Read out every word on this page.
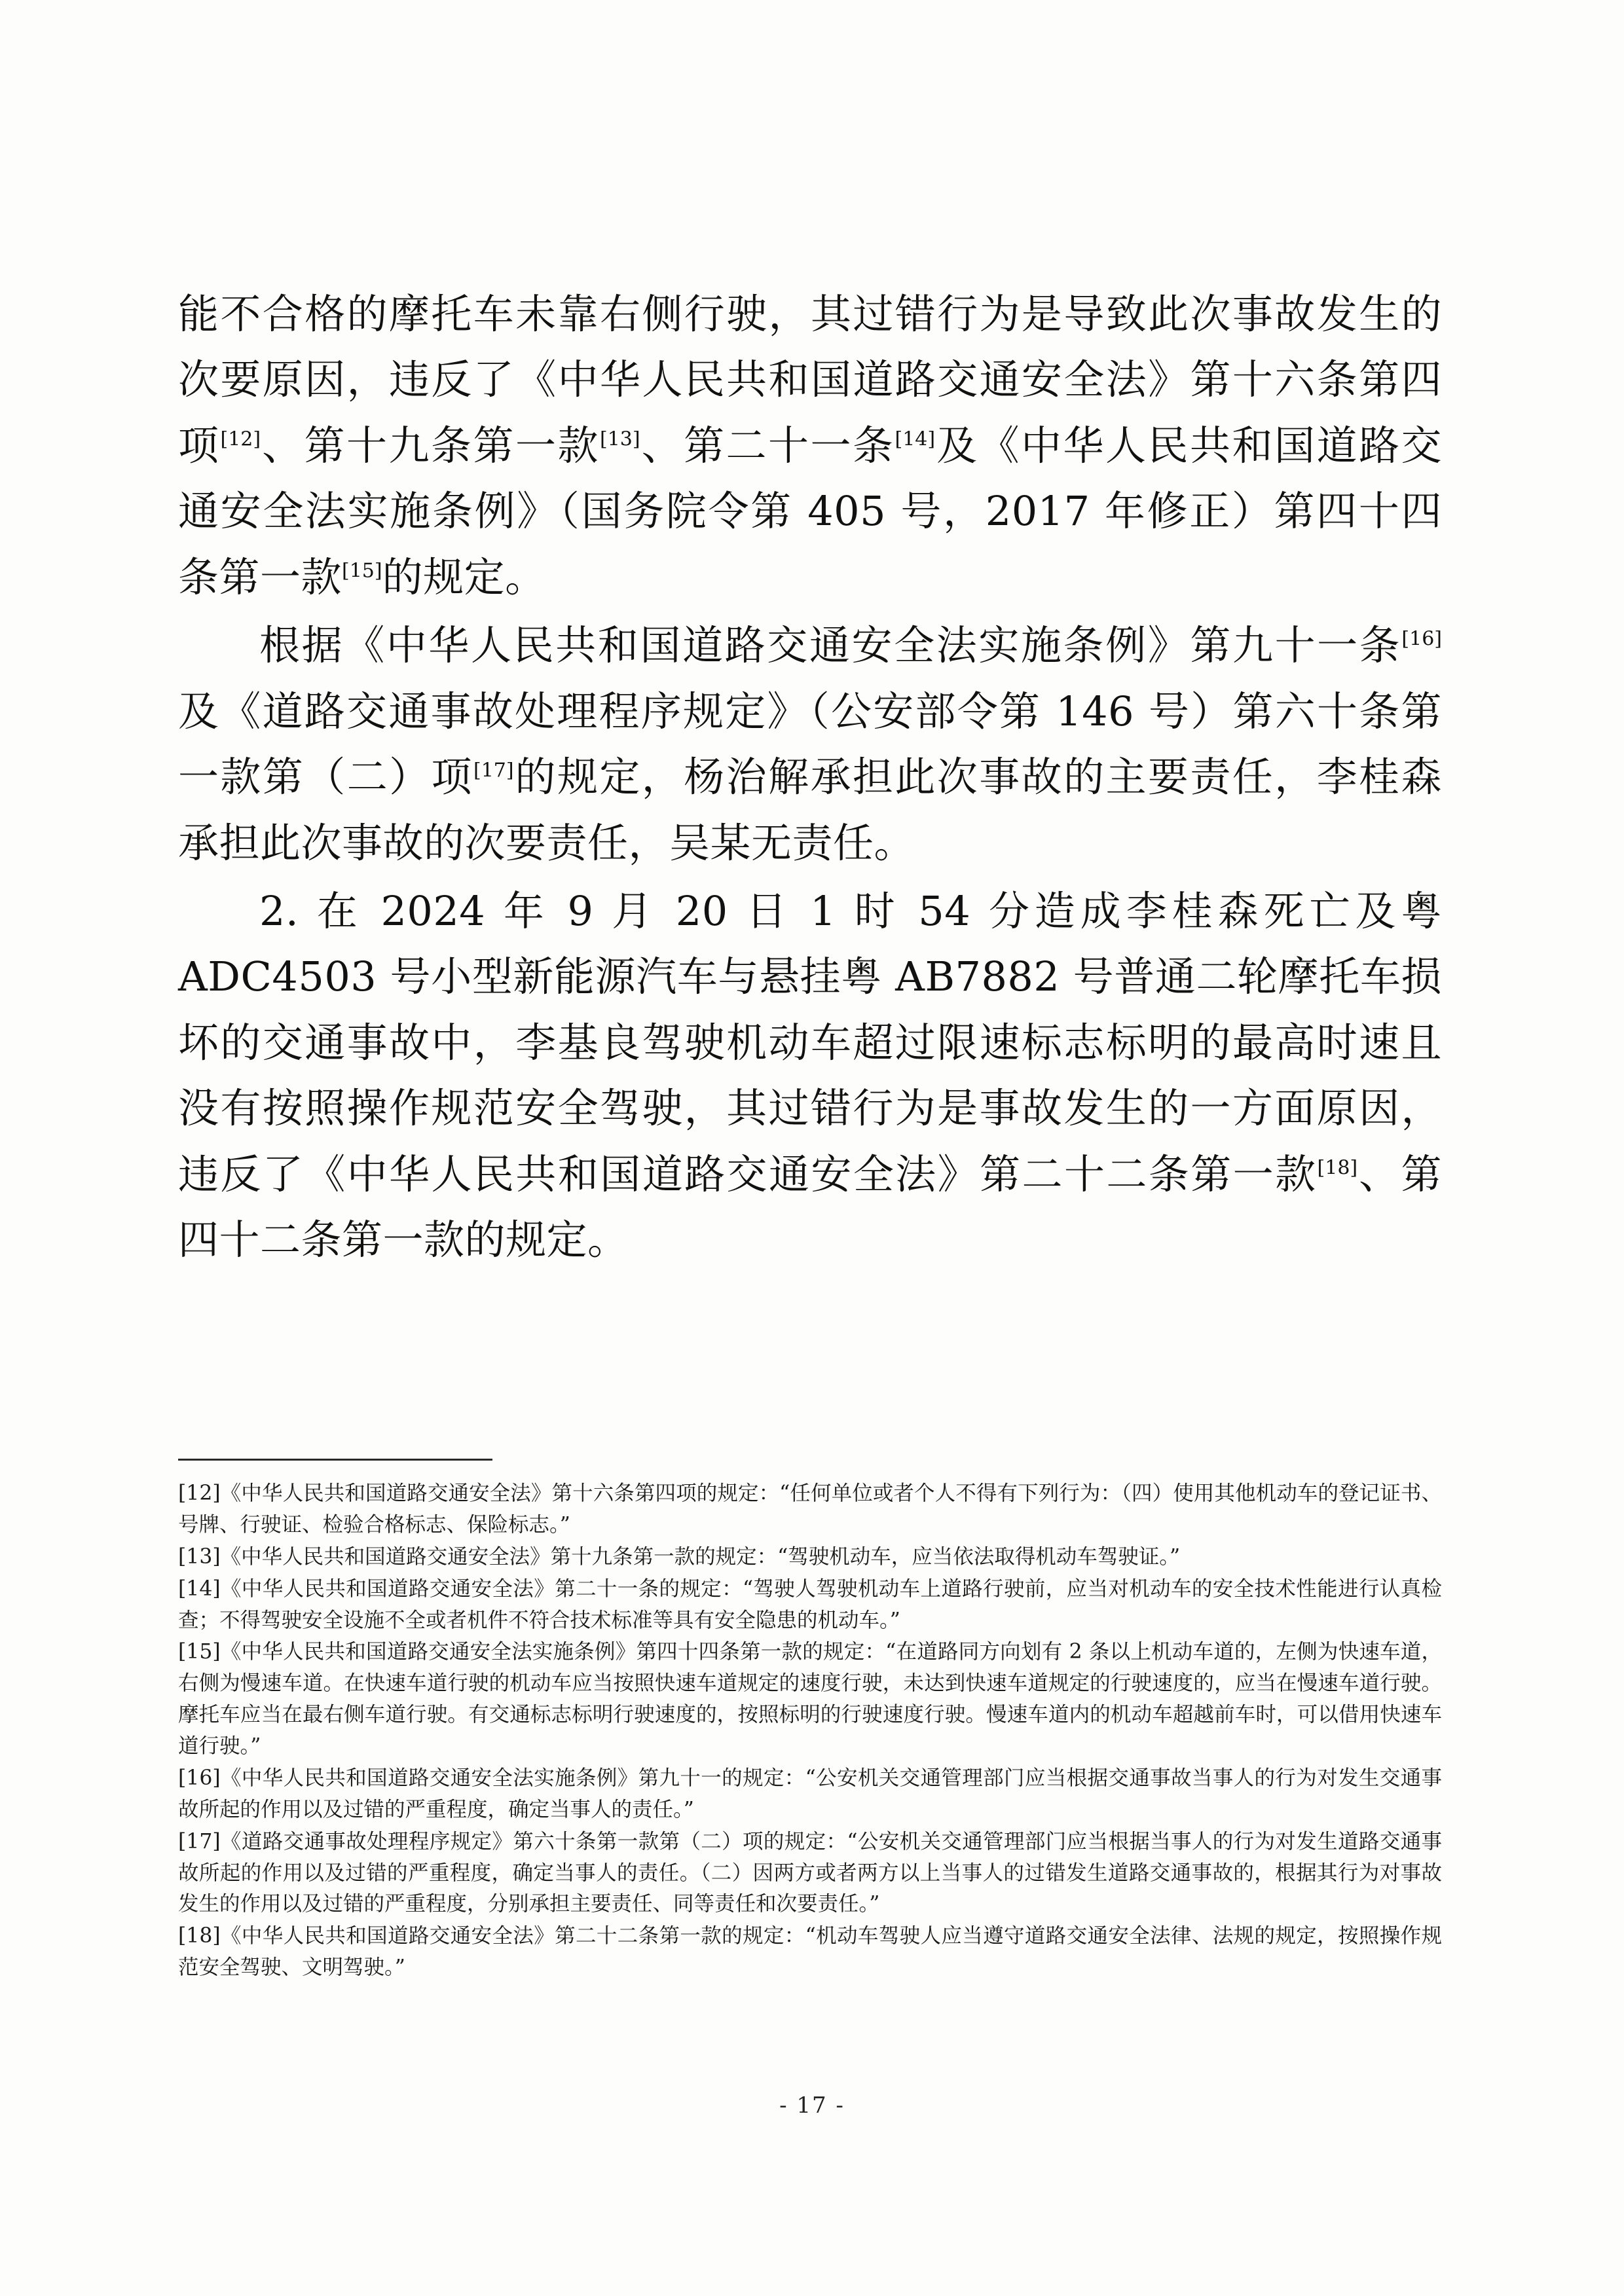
能不合格的摩托车未靠右侧行驶，其过错行为是导致此次事故发生的次要原因，违反了《中华人民共和国道路交通安全法》第十六条第四项[12]、第十九条第一款[13]、第二十一条[14]及《中华人民共和国道路交通安全法实施条例》（国务院令第 405 号，2017 年修正）第四十四条第一款[15]的规定。

根据《中华人民共和国道路交通安全法实施条例》第九十一条[16]及《道路交通事故处理程序规定》（公安部令第 146 号）第六十条第一款第（二）项[17]的规定，杨治解承担此次事故的主要责任，李桂森承担此次事故的次要责任，吴某无责任。

2. 在 2024 年 9 月 20 日 1 时 54 分造成李桂森死亡及粤 ADC4503 号小型新能源汽车与悬挂粤 AB7882 号普通二轮摩托车损坏的交通事故中，李基良驾驶机动车超过限速标志标明的最高时速且没有按照操作规范安全驾驶，其过错行为是事故发生的一方面原因，违反了《中华人民共和国道路交通安全法》第二十二条第一款[18]、第四十二条第一款的规定。

[12]《中华人民共和国道路交通安全法》第十六条第四项的规定：“任何单位或者个人不得有下列行为：（四）使用其他机动车的登记证书、号牌、行驶证、检验合格标志、保险标志。”

[13]《中华人民共和国道路交通安全法》第十九条第一款的规定：“驾驶机动车，应当依法取得机动车驾驶证。”

[14]《中华人民共和国道路交通安全法》第二十一条的规定：“驾驶人驾驶机动车上道路行驶前，应当对机动车的安全技术性能进行认真检查；不得驾驶安全设施不全或者机件不符合技术标准等具有安全隐患的机动车。”

[15]《中华人民共和国道路交通安全法实施条例》第四十四条第一款的规定：“在道路同方向划有 2 条以上机动车道的，左侧为快速车道，右侧为慢速车道。在快速车道行驶的机动车应当按照快速车道规定的速度行驶，未达到快速车道规定的行驶速度的，应当在慢速车道行驶。摩托车应当在最右侧车道行驶。有交通标志标明行驶速度的，按照标明的行驶速度行驶。慢速车道内的机动车超越前车时，可以借用快速车道行驶。”

[16]《中华人民共和国道路交通安全法实施条例》第九十一的规定：“公安机关交通管理部门应当根据交通事故当事人的行为对发生交通事故所起的作用以及过错的严重程度，确定当事人的责任。”

[17]《道路交通事故处理程序规定》第六十条第一款第（二）项的规定：“公安机关交通管理部门应当根据当事人的行为对发生道路交通事故所起的作用以及过错的严重程度，确定当事人的责任。（二）因两方或者两方以上当事人的过错发生道路交通事故的，根据其行为对事故发生的作用以及过错的严重程度，分别承担主要责任、同等责任和次要责任。”

[18]《中华人民共和国道路交通安全法》第二十二条第一款的规定：“机动车驾驶人应当遵守道路交通安全法律、法规的规定，按照操作规范安全驾驶、文明驾驶。”

- 17 -
